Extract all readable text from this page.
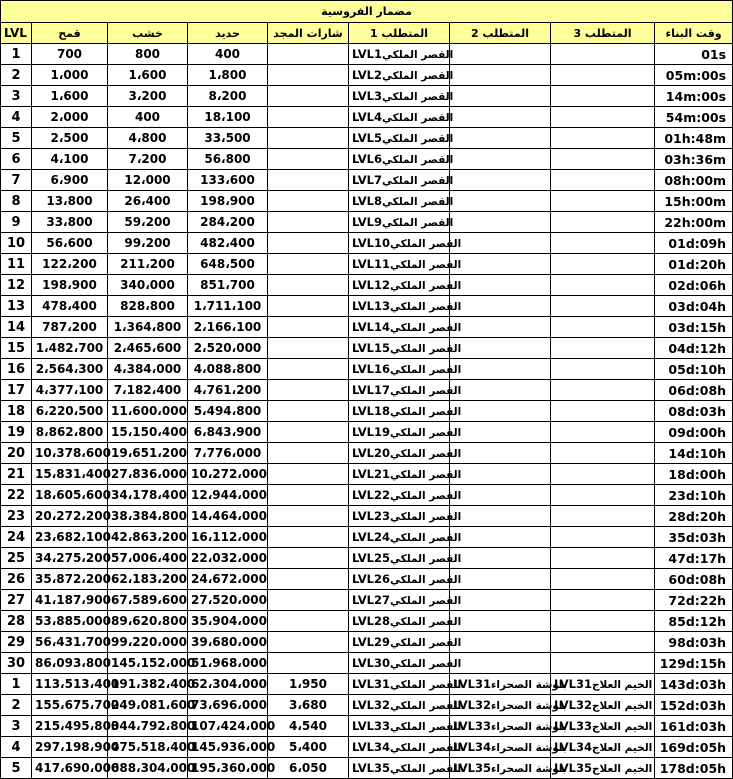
مضمار الفروسية								
LVL	قمح	خشب	حديد	شارات المجد	المتطلب 1	المتطلب 2	المتطلب 3	وقت البناء
1	700	800	400		LVL1القصر الملكي			01s
2	1،000	1،600	1،800		LVL2القصر الملكي			05m:00s
3	1،600	3،200	8،200		LVL3القصر الملكي			14m:00s
4	2،000	400	18،100		LVL4القصر الملكي			54m:00s
5	2،500	4،800	33،500		LVL5القصر الملكي			01h:48m
6	4،100	7،200	56،800		LVL6القصر الملكي			03h:36m
7	6،900	12،000	133،600		LVL7القصر الملكي			08h:00m
8	13،800	26،400	198،900		LVL8القصر الملكي			15h:00m
9	33،800	59،200	284،200		LVL9القصر الملكي			22h:00m
10	56،600	99،200	482،400		LVL10القصر الملكي			01d:09h
11	122،200	211،200	648،500		LVL11القصر الملكي			01d:20h
12	198،900	340،000	851،700		LVL12القصر الملكي			02d:06h
13	478،400	828،800	1،711،100		LVL13القصر الملكي			03d:04h
14	787،200	1،364،800	2،166،100		LVL14القصر الملكي			03d:15h
15	1،482،700	2،465،600	2،520،000		LVL15القصر الملكي			04d:12h
16	2،564،300	4،384،000	4،088،800		LVL16القصر الملكي			05d:10h
17	4،377،100	7،182،400	4،761،200		LVL17القصر الملكي			06d:08h
18	6،220،500	11،600،000	5،494،800		LVL18القصر الملكي			08d:03h
19	8،862،800	15،150،400	6،843،900		LVL19القصر الملكي			09d:00h
20	10،378،600	19،651،200	7،776،000		LVL20القصر الملكي			14d:10h
21	15،831،400	27،836،000	10،272،000		LVL21القصر الملكي			18d:00h
22	18،605،600	34،178،400	12،944،000		LVL22القصر الملكي			23d:10h
23	20،272،200	38،384،800	14،464،000		LVL23القصر الملكي			28d:20h
24	23،682،100	42،863،200	16،112،000		LVL24القصر الملكي			35d:03h
25	34،275،200	57،006،400	22،032،000		LVL25القصر الملكي			47d:17h
26	35،872،200	62،183،200	24،672،000		LVL26القصر الملكي			60d:08h
27	41،187،900	67،589،600	27،520،000		LVL27القصر الملكي			72d:22h
28	53،885،000	89،620،800	35،904،000		LVL28القصر الملكي			85d:12h
29	56،431،700	99،220،000	39،680،000		LVL29القصر الملكي			98d:03h
30	86،093،800	145،152،000	51،968،000		LVL30القصر الملكي			129d:15h
1	113،513،400	191،382،400	62،304،000	1،950	LVL31القصر الملكي	LVL31باوشة الصحراء	LVL31الخيم العلاج	143d:03h
2	155،675،700	249،081،600	73،696،000	3،680	LVL32القصر الملكي	LVL32باوشة الصحراء	LVL32الخيم العلاج	152d:03h
3	215،495،800	344،792،800	107،424،000	4،540	LVL33القصر الملكي	LVL33باوشة الصحراء	LVL33الخيم العلاج	161d:03h
4	297،198،900	475،518،400	145،936،000	5،400	LVL34القصر الملكي	LVL34باوشة الصحراء	LVL34الخيم العلاج	169d:05h
5	417،690،000	688،304،000	195،360،000	6،050	LVL35القصر الملكي	LVL35باوشة الصحراء	LVL35الخيم العلاج	178d:05h
